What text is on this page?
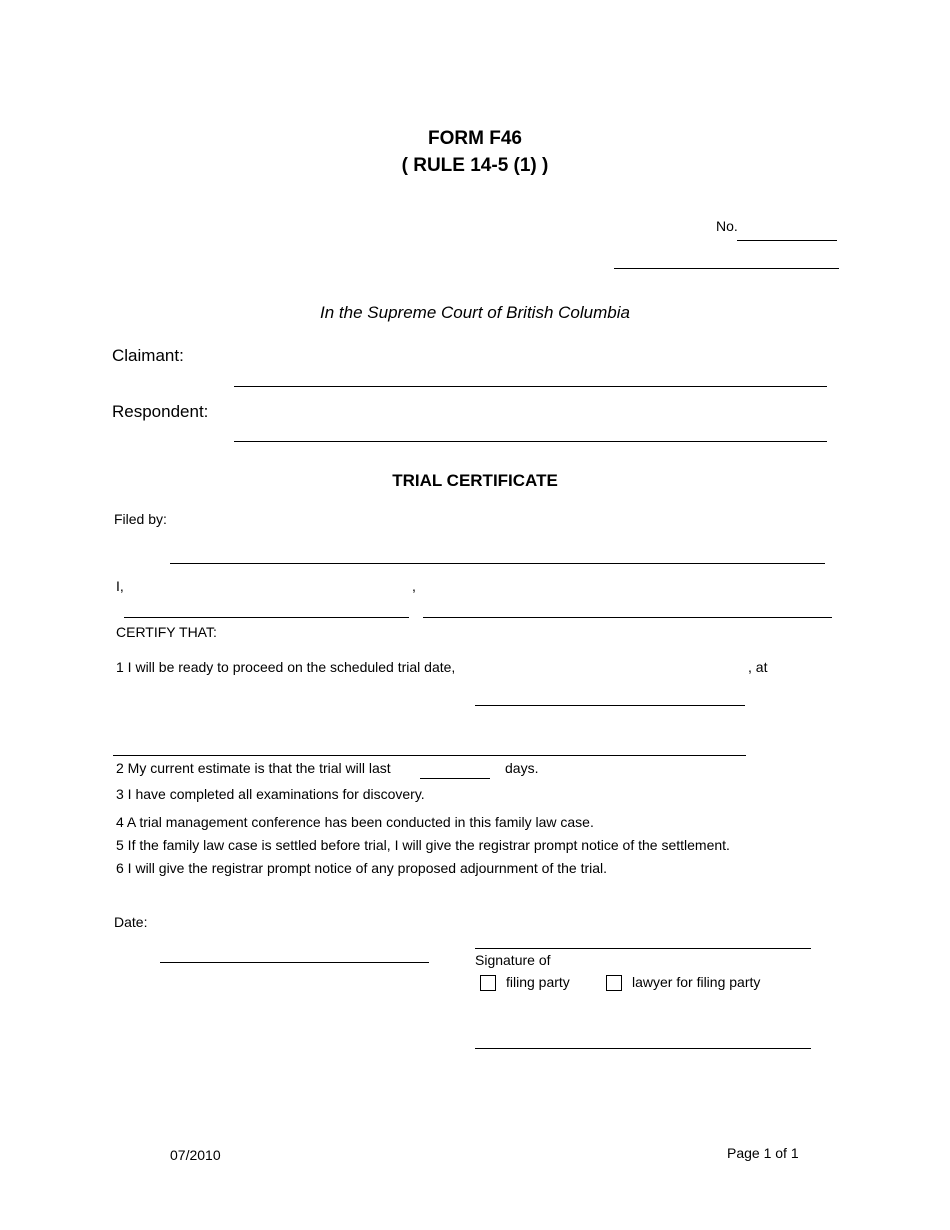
FORM F46
( RULE 14-5 (1) )
No.
In the Supreme Court of British Columbia
Claimant:
Respondent:
TRIAL CERTIFICATE
Filed by:
I,	,
CERTIFY THAT:
1 I will be ready to proceed on the scheduled trial date,	, at
2 My current estimate is that the trial will last	days.
3 I have completed all examinations for discovery.
4 A trial management conference has been conducted in this family law case.
5 If the family law case is settled before trial, I will give the registrar prompt notice of the settlement.
6 I will give the registrar prompt notice of any proposed adjournment of the trial.
Date:
Signature of
filing party	lawyer for filing party
07/2010	Page 1 of 1
